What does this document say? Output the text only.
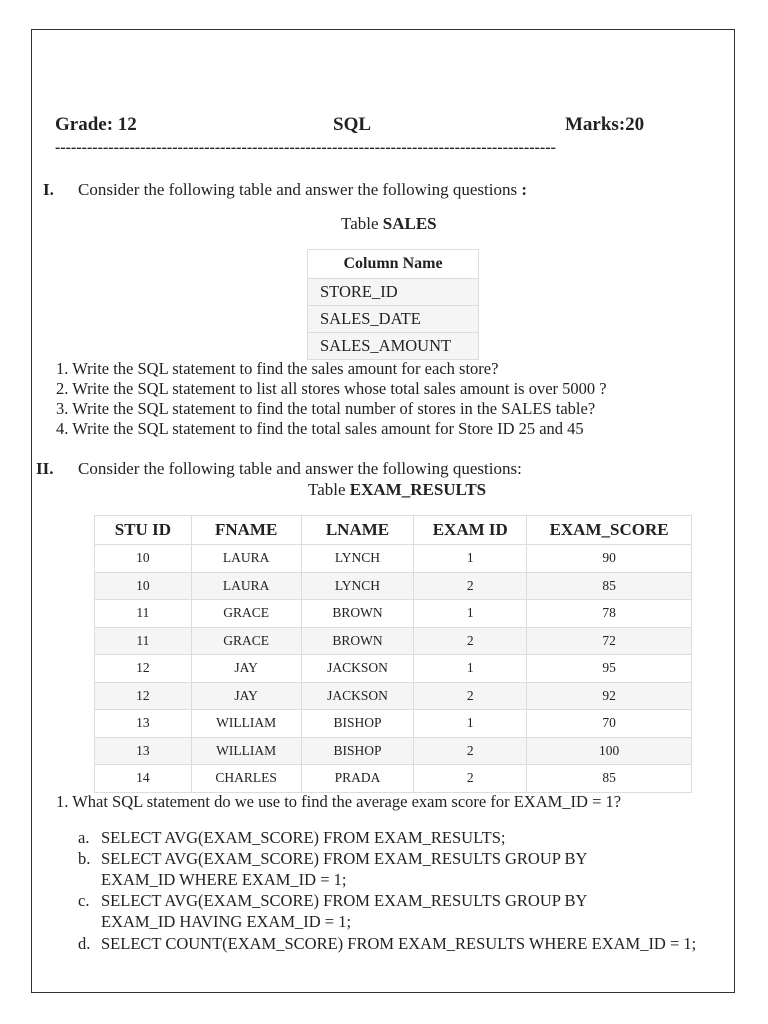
Grade: 12	SQL	Marks:20
----------------------------------------------------------------------------------------------
I. Consider the following table and answer the following questions :
Table SALES
Column Name
STORE_ID
SALES_DATE
SALES_AMOUNT
1. Write the SQL statement to find the sales amount for each store?
2. Write the SQL statement to list all stores whose total sales amount is over 5000 ?
3. Write the SQL statement to find the total number of stores in the SALES table?
4. Write the SQL statement to find the total sales amount for Store ID 25 and 45
II. Consider the following table and answer the following questions:
Table EXAM_RESULTS
STU ID	FNAME	LNAME	EXAM ID	EXAM_SCORE
10	LAURA	LYNCH	1	90
10	LAURA	LYNCH	2	85
11	GRACE	BROWN	1	78
11	GRACE	BROWN	2	72
12	JAY	JACKSON	1	95
12	JAY	JACKSON	2	92
13	WILLIAM	BISHOP	1	70
13	WILLIAM	BISHOP	2	100
14	CHARLES	PRADA	2	85
1. What SQL statement do we use to find the average exam score for EXAM_ID = 1?
a. SELECT AVG(EXAM_SCORE) FROM EXAM_RESULTS;
b. SELECT AVG(EXAM_SCORE) FROM EXAM_RESULTS GROUP BY EXAM_ID WHERE EXAM_ID = 1;
c. SELECT AVG(EXAM_SCORE) FROM EXAM_RESULTS GROUP BY EXAM_ID HAVING EXAM_ID = 1;
d. SELECT COUNT(EXAM_SCORE) FROM EXAM_RESULTS WHERE EXAM_ID = 1;
